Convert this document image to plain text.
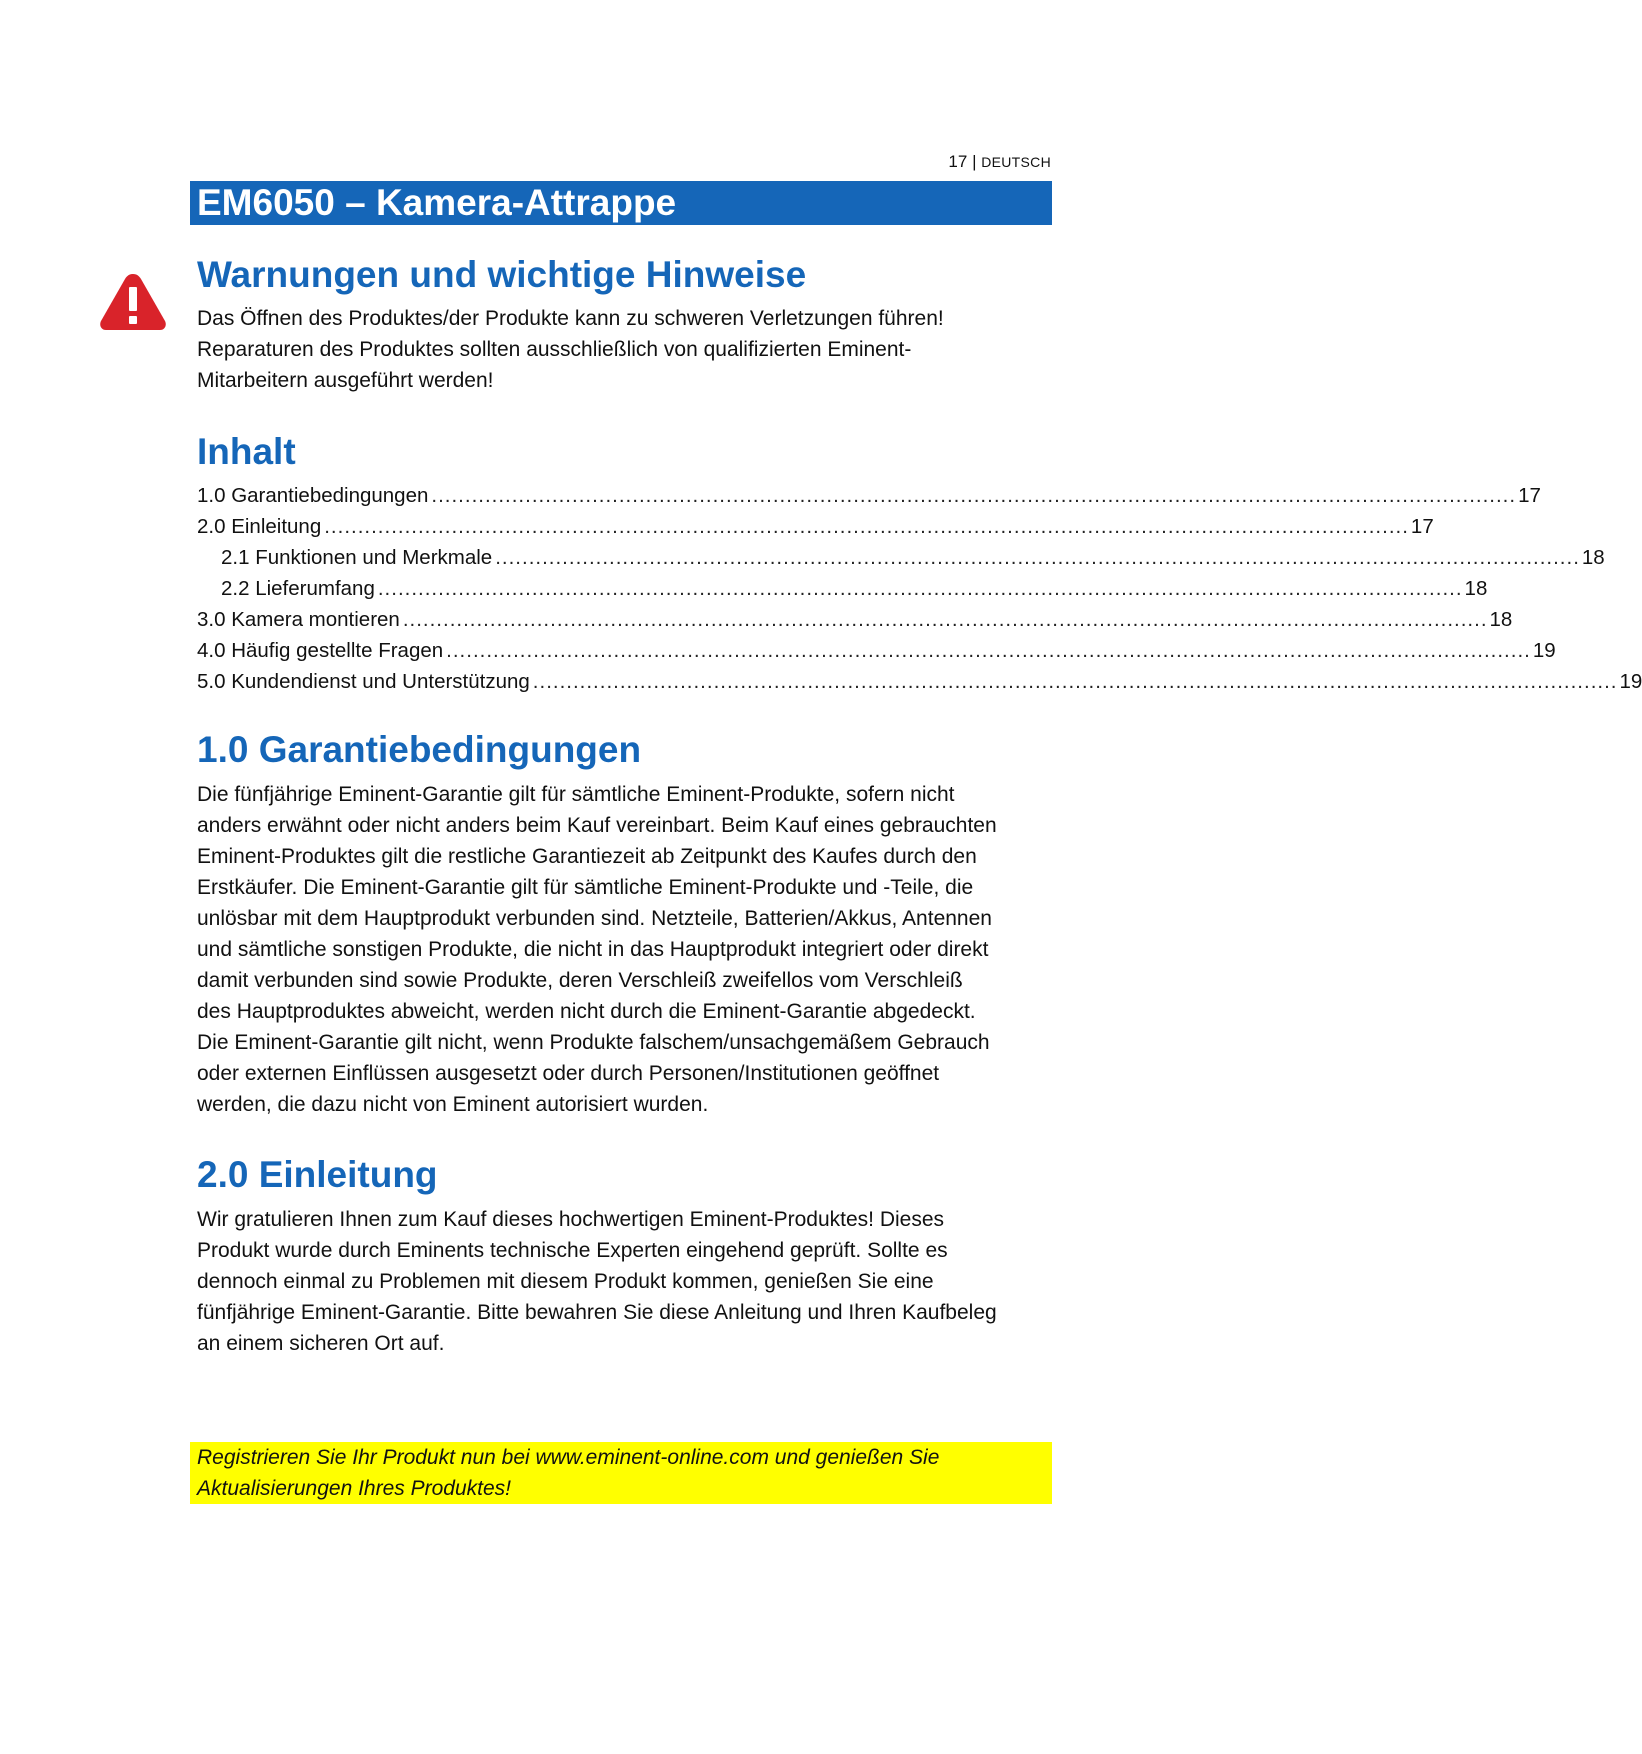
17 | DEUTSCH
EM6050 – Kamera-Attrappe
Warnungen und wichtige Hinweise

Das Öffnen des Produktes/der Produkte kann zu schweren Verletzungen führen!

Reparaturen des Produktes sollten ausschließlich von qualifizierten Eminent-

Mitarbeitern ausgeführt werden!

Inhalt
1.0 Garantiebedingungen .................................................................................................................................................................. 17
2.0 Einleitung .................................................................................................................................................................. 17
2.1 Funktionen und Merkmale .................................................................................................................................................................. 18
2.2 Lieferumfang .................................................................................................................................................................. 18
3.0 Kamera montieren .................................................................................................................................................................. 18
4.0 Häufig gestellte Fragen .................................................................................................................................................................. 19
5.0 Kundendienst und Unterstützung .................................................................................................................................................................. 19
1.0 Garantiebedingungen

Die fünfjährige Eminent-Garantie gilt für sämtliche Eminent-Produkte, sofern nicht

anders erwähnt oder nicht anders beim Kauf vereinbart. Beim Kauf eines gebrauchten

Eminent-Produktes gilt die restliche Garantiezeit ab Zeitpunkt des Kaufes durch den

Erstkäufer. Die Eminent-Garantie gilt für sämtliche Eminent-Produkte und -Teile, die

unlösbar mit dem Hauptprodukt verbunden sind. Netzteile, Batterien/Akkus, Antennen

und sämtliche sonstigen Produkte, die nicht in das Hauptprodukt integriert oder direkt

damit verbunden sind sowie Produkte, deren Verschleiß zweifellos vom Verschleiß

des Hauptproduktes abweicht, werden nicht durch die Eminent-Garantie abgedeckt.

Die Eminent-Garantie gilt nicht, wenn Produkte falschem/unsachgemäßem Gebrauch

oder externen Einflüssen ausgesetzt oder durch Personen/Institutionen geöffnet

werden, die dazu nicht von Eminent autorisiert wurden.

2.0 Einleitung

Wir gratulieren Ihnen zum Kauf dieses hochwertigen Eminent-Produktes! Dieses

Produkt wurde durch Eminents technische Experten eingehend geprüft. Sollte es

dennoch einmal zu Problemen mit diesem Produkt kommen, genießen Sie eine

fünfjährige Eminent-Garantie. Bitte bewahren Sie diese Anleitung und Ihren Kaufbeleg

an einem sicheren Ort auf.

Registrieren Sie Ihr Produkt nun bei www.eminent-online.com und genießen Sie
Aktualisierungen Ihres Produktes!
